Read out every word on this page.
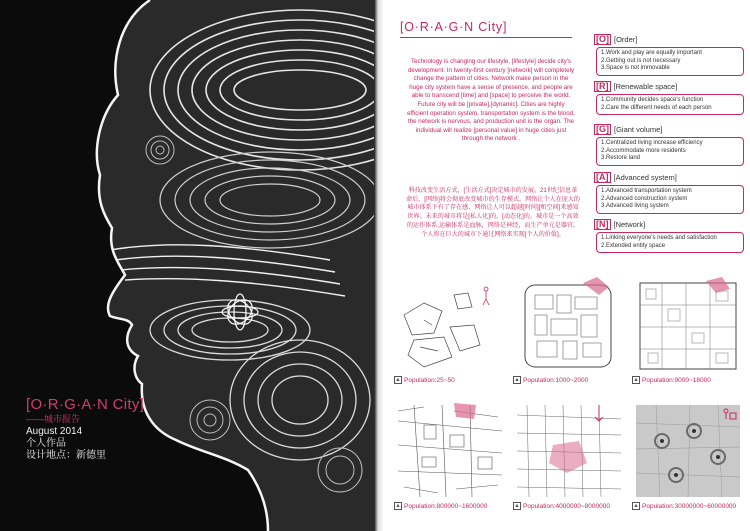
[O·R·G·A·N City]
——城市报告
August 2014
个人作品
设计地点：新德里
[O·R·A·G·N City]
Technology is changing our lifestyle, [lifestyle] decide city's development. In twenty-first century [network] will completely change the pattern of cities. Network make person in the huge city system have a sense of presence, and people are able to transcend [time] and [space] to perceive the world. Future city will be [private],[dynamic]. Cities are highly efficient operation system, transportation system is the blood, the network is nervous, and production unit is the organ. The individual will realize [personal value] in huge cities just through the network .
科技改变生活方式，[生活方式]决定城市的发展。21世纪信息革命后，[网络]将会彻底改变城市的生存模式。网络让个人在庞大的城市体系下有了存在感，网络让人可以超越[时间][和空间]来感知世界。未来的城市将是[私人化]的、[动态化]的。城市是一个高效的运作体系,运输体系是血脉，网络是神经，而生产单元是器官。个人将在巨大的城市下通过网络来实现[个人的价值]。
[O] [Order]
1.Work and play are equally important
2.Getting out is not necessary
3.Space is not immovable
[R] [Renewable space]
1.Community decides space's function
2.Care the different needs of each person
[G] [Giant volume]
1.Centralized living increase efficiency
2.Accommodate more residents
3.Restore land
[A] [Advanced system]
1.Advanced transportation system
2.Advanced construction system
3.Advanced living system
[N] [Network]
1.Linking everyone's needs and satisfaction
2.Extended entity space
▲ Population:25~50	▲ Population:1000~2000	▲ Population:9000~18000
▲ Population:800000~1600000	▲ Population:4000000~8000000	▲ Population:30000000~60000000
